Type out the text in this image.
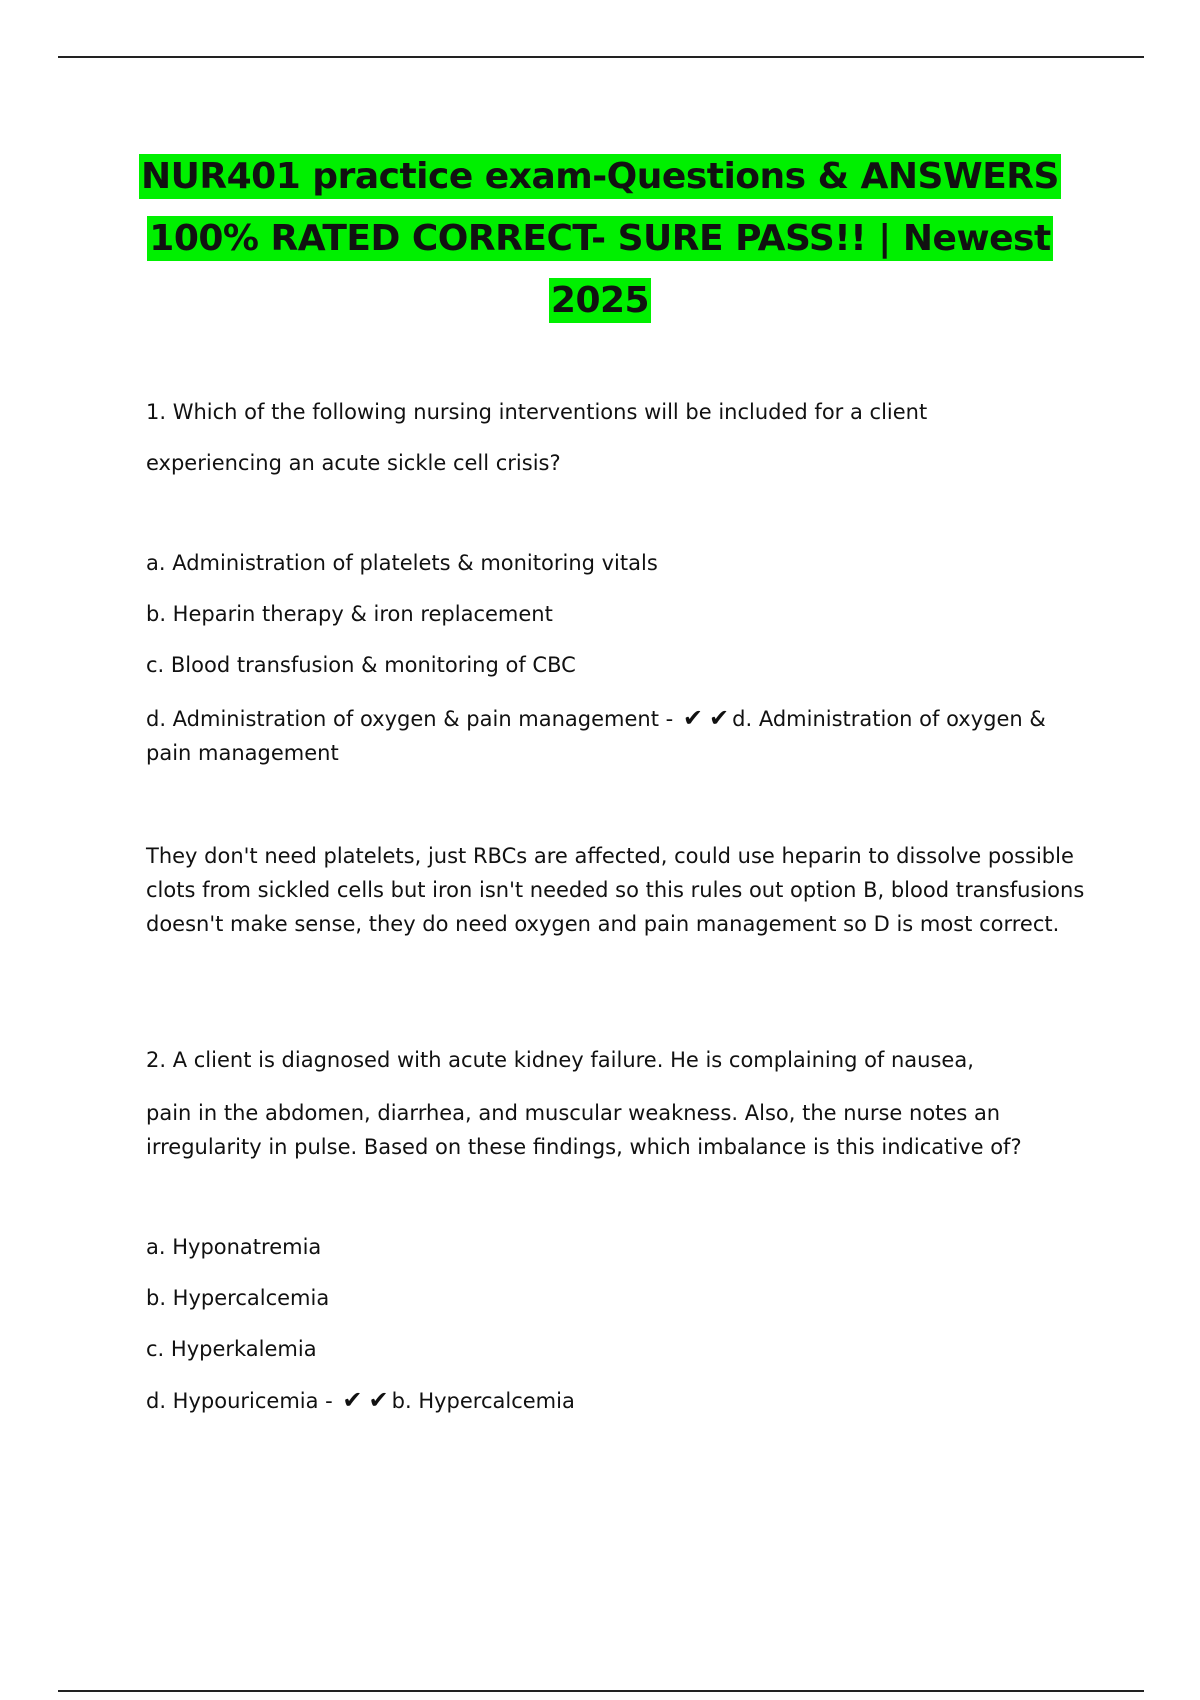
NUR401 practice exam-Questions & ANSWERS
100% RATED CORRECT- SURE PASS!! | Newest
2025
1. Which of the following nursing interventions will be included for a client
experiencing an acute sickle cell crisis?
a. Administration of platelets & monitoring vitals
b. Heparin therapy & iron replacement
c. Blood transfusion & monitoring of CBC
d. Administration of oxygen & pain management - ✔ ✔ d. Administration of oxygen & pain management
They don't need platelets, just RBCs are affected, could use heparin to dissolve possible clots from sickled cells but iron isn't needed so this rules out option B, blood transfusions doesn't make sense, they do need oxygen and pain management so D is most correct.
2. A client is diagnosed with acute kidney failure. He is complaining of nausea,
pain in the abdomen, diarrhea, and muscular weakness. Also, the nurse notes an irregularity in pulse. Based on these findings, which imbalance is this indicative of?
a. Hyponatremia
b. Hypercalcemia
c. Hyperkalemia
d. Hypouricemia - ✔ ✔ b. Hypercalcemia
